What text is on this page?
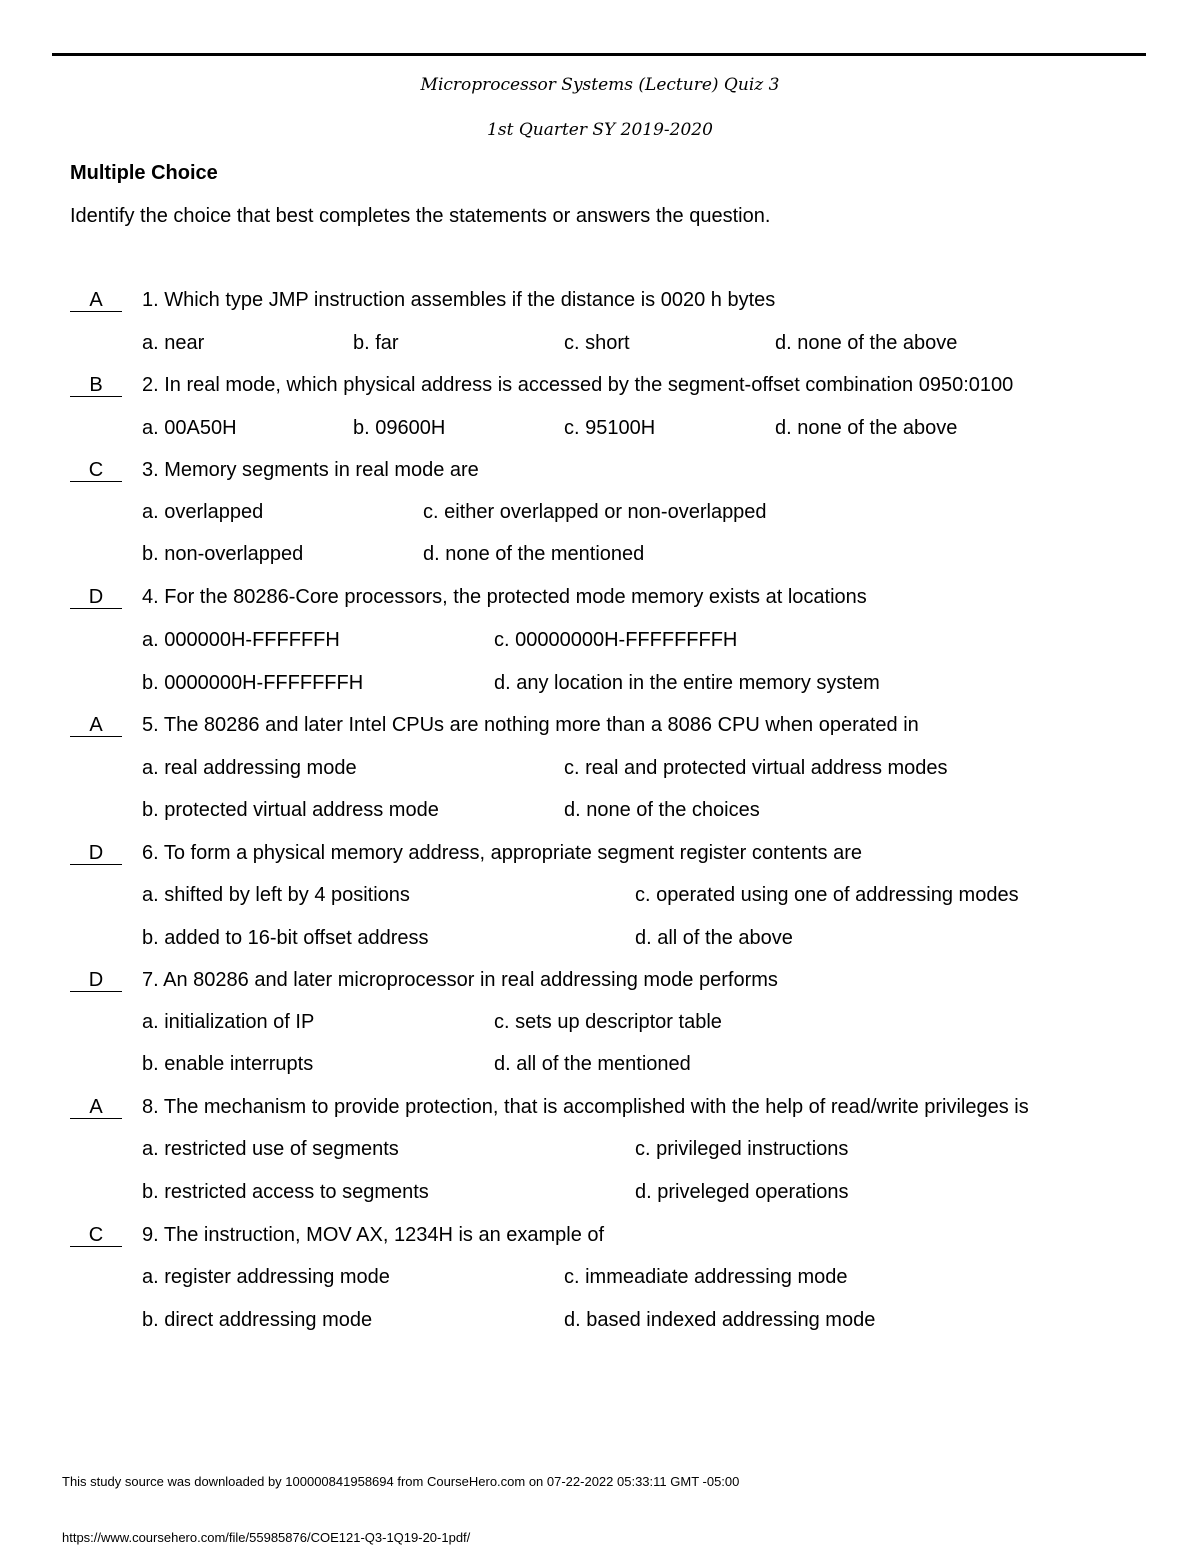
Microprocessor Systems (Lecture) Quiz 3
1st Quarter SY 2019-2020
Multiple Choice
Identify the choice that best completes the statements or answers the question.
A	1. Which type JMP instruction assembles if the distance is 0020 h bytes
a. near	b. far	c. short	d. none of the above
B	2. In real mode, which physical address is accessed by the segment-offset combination 0950:0100
a. 00A50H	b. 09600H	c. 95100H	d. none of the above
C	3. Memory segments in real mode are
a. overlapped	c. either overlapped or non-overlapped
b. non-overlapped	d. none of the mentioned
D	4. For the 80286-Core processors, the protected mode memory exists at locations
a. 000000H-FFFFFFH	c. 00000000H-FFFFFFFFH
b. 0000000H-FFFFFFFH	d. any location in the entire memory system
A	5. The 80286 and later Intel CPUs are nothing more than a 8086 CPU when operated in
a. real addressing mode	c. real and protected virtual address modes
b. protected virtual address mode	d. none of the choices
D	6. To form a physical memory address, appropriate segment register contents are
a. shifted by left by 4 positions	c. operated using one of addressing modes
b. added to 16-bit offset address	d. all of the above
D	7. An 80286 and later microprocessor in real addressing mode performs
a. initialization of IP	c. sets up descriptor table
b. enable interrupts	d. all of the mentioned
A	8. The mechanism to provide protection, that is accomplished with the help of read/write privileges is
a. restricted use of segments	c. privileged instructions
b. restricted access to segments	d. priveleged operations
C	9. The instruction, MOV AX, 1234H is an example of
a. register addressing mode	c. immeadiate addressing mode
b. direct addressing mode	d. based indexed addressing mode
This study source was downloaded by 100000841958694 from CourseHero.com on 07-22-2022 05:33:11 GMT -05:00
https://www.coursehero.com/file/55985876/COE121-Q3-1Q19-20-1pdf/
